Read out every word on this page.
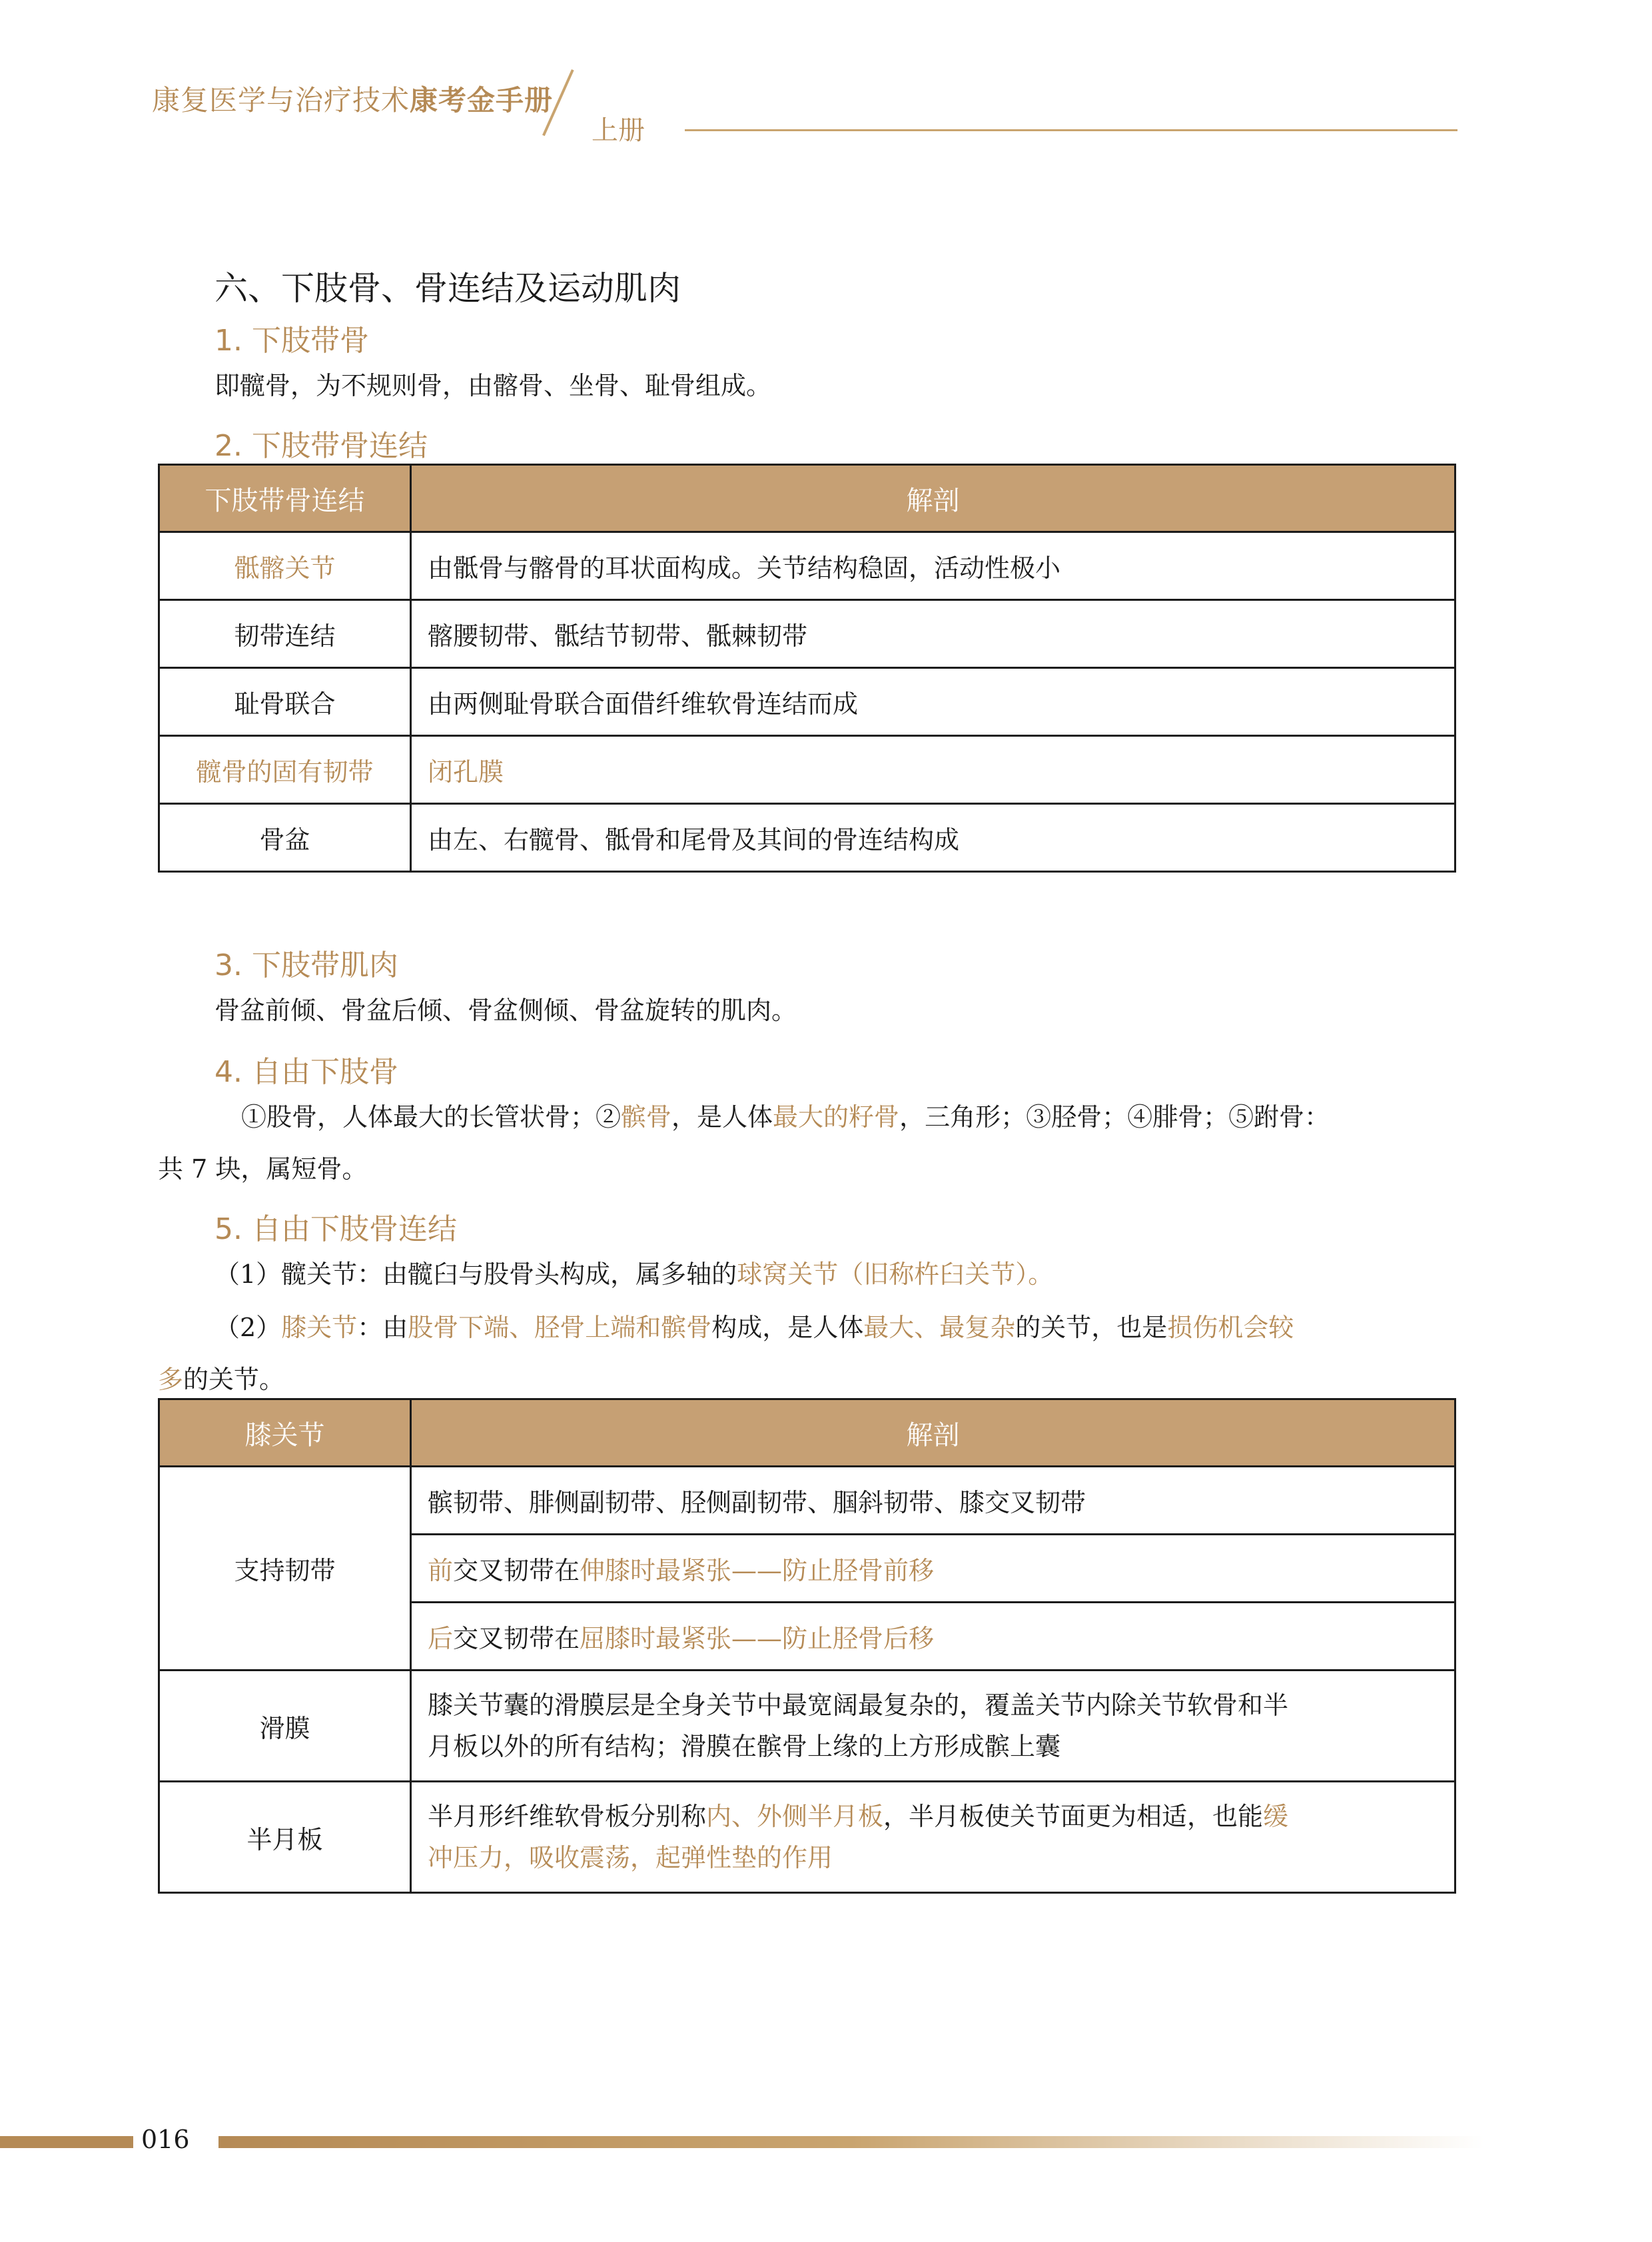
康复医学与治疗技术康考金手册
上册
六、下肢骨、骨连结及运动肌肉
1. 下肢带骨
即髋骨，为不规则骨，由髂骨、坐骨、耻骨组成。
2. 下肢带骨连结
下肢带骨连结	解剖
骶髂关节	由骶骨与髂骨的耳状面构成。关节结构稳固，活动性极小
韧带连结	髂腰韧带、骶结节韧带、骶棘韧带
耻骨联合	由两侧耻骨联合面借纤维软骨连结而成
髋骨的固有韧带	闭孔膜
骨盆	由左、右髋骨、骶骨和尾骨及其间的骨连结构成
3. 下肢带肌肉
骨盆前倾、骨盆后倾、骨盆侧倾、骨盆旋转的肌肉。
4. 自由下肢骨
①股骨，人体最大的长管状骨；②髌骨，是人体最大的籽骨，三角形；③胫骨；④腓骨；⑤跗骨：
共 7 块，属短骨。
5. 自由下肢骨连结
（1）髋关节：由髋臼与股骨头构成，属多轴的球窝关节（旧称杵臼关节）。
（2）膝关节：由股骨下端、胫骨上端和髌骨构成，是人体最大、最复杂的关节，也是损伤机会较
多的关节。
膝关节	解剖
支持韧带	髌韧带、腓侧副韧带、胫侧副韧带、腘斜韧带、膝交叉韧带
	前交叉韧带在伸膝时最紧张——防止胫骨前移
	后交叉韧带在屈膝时最紧张——防止胫骨后移
滑膜	膝关节囊的滑膜层是全身关节中最宽阔最复杂的，覆盖关节内除关节软骨和半
月板以外的所有结构；滑膜在髌骨上缘的上方形成髌上囊
半月板	半月形纤维软骨板分别称内、外侧半月板，半月板使关节面更为相适，也能缓
冲压力，吸收震荡，起弹性垫的作用
016
